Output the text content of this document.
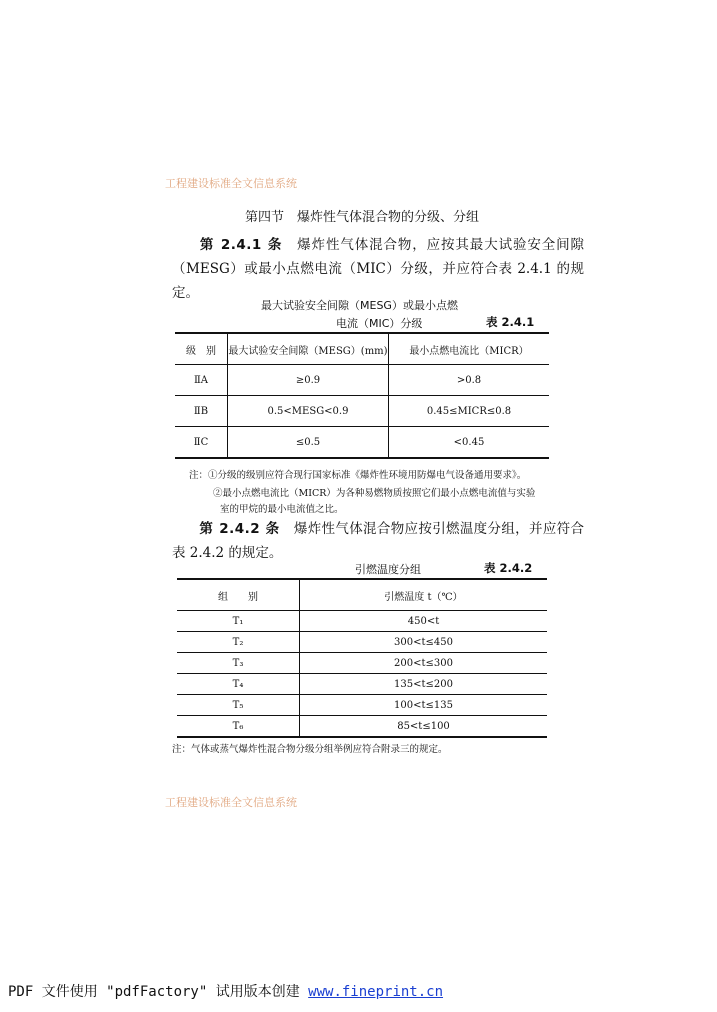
工程建设标准全文信息系统
第四节　爆炸性气体混合物的分级、分组
第 2.4.1 条　 爆炸性气体混合物，应按其最大试验安全间隙（MESG）或最小点燃电流（MIC）分级，并应符合表 2.4.1 的规定。
最大试验安全间隙（MESG）或最小点燃
电流（MIC）分级	表 2.4.1
级　别	最大试验安全间隙（MESG）(mm)	最小点燃电流比（MICR）
ⅡA	≥0.9	>0.8
ⅡB	0.5<MESG<0.9	0.45≤MICR≤0.8
ⅡC	≤0.5	<0.45
注：①分级的级别应符合现行国家标准《爆炸性环境用防爆电气设备通用要求》。
②最小点燃电流比（MICR）为各种易燃物质按照它们最小点燃电流值与实验
室的甲烷的最小电流值之比。
第 2.4.2 条　 爆炸性气体混合物应按引燃温度分组，并应符合表 2.4.2 的规定。
引燃温度分组	表 2.4.2
组　　别	引燃温度 t（℃）
T₁	450<t
T₂	300<t≤450
T₃	200<t≤300
T₄	135<t≤200
T₅	100<t≤135
T₆	85<t≤100
注：气体或蒸气爆炸性混合物分级分组举例应符合附录三的规定。
工程建设标准全文信息系统
PDF 文件使用 "pdfFactory" 试用版本创建 www.fineprint.cn
